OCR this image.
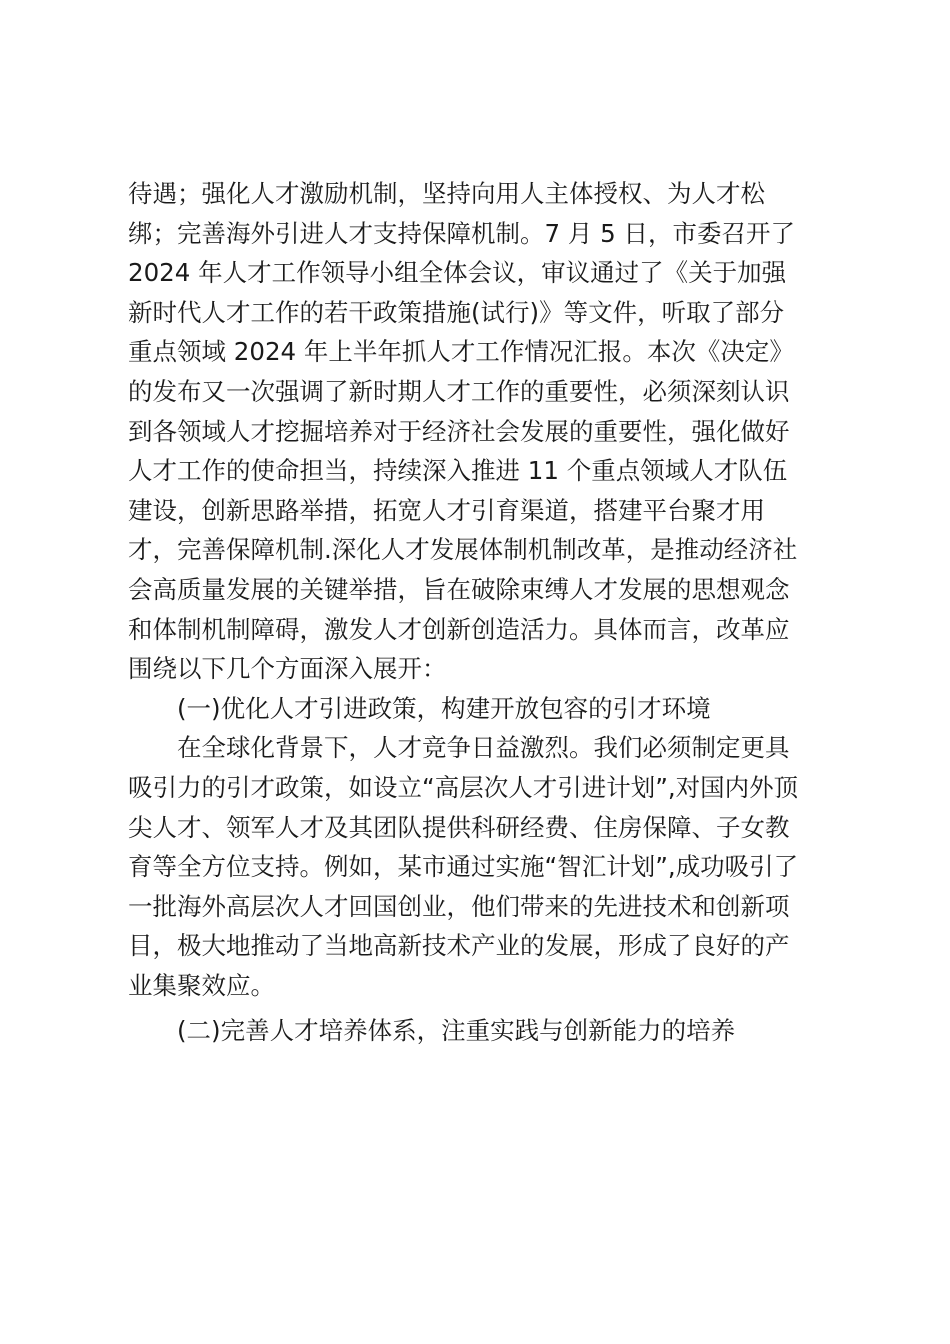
待遇；强化人才激励机制，坚持向用人主体授权、为人才松
绑；完善海外引进人才支持保障机制。7 月 5 日，市委召开了
2024 年人才工作领导小组全体会议，审议通过了《关于加强
新时代人才工作的若干政策措施(试行)》等文件，听取了部分
重点领域 2024 年上半年抓人才工作情况汇报。本次《决定》
的发布又一次强调了新时期人才工作的重要性，必须深刻认识
到各领域人才挖掘培养对于经济社会发展的重要性，强化做好
人才工作的使命担当，持续深入推进 11 个重点领域人才队伍
建设，创新思路举措，拓宽人才引育渠道，搭建平台聚才用
才，完善保障机制.深化人才发展体制机制改革，是推动经济社
会高质量发展的关键举措，旨在破除束缚人才发展的思想观念
和体制机制障碍，激发人才创新创造活力。具体而言，改革应
围绕以下几个方面深入展开：
(一)优化人才引进政策，构建开放包容的引才环境
在全球化背景下，人才竞争日益激烈。我们必须制定更具
吸引力的引才政策，如设立“高层次人才引进计划”,对国内外顶
尖人才、领军人才及其团队提供科研经费、住房保障、子女教
育等全方位支持。例如，某市通过实施“智汇计划”,成功吸引了
一批海外高层次人才回国创业，他们带来的先进技术和创新项
目，极大地推动了当地高新技术产业的发展，形成了良好的产
业集聚效应。
(二)完善人才培养体系，注重实践与创新能力的培养
